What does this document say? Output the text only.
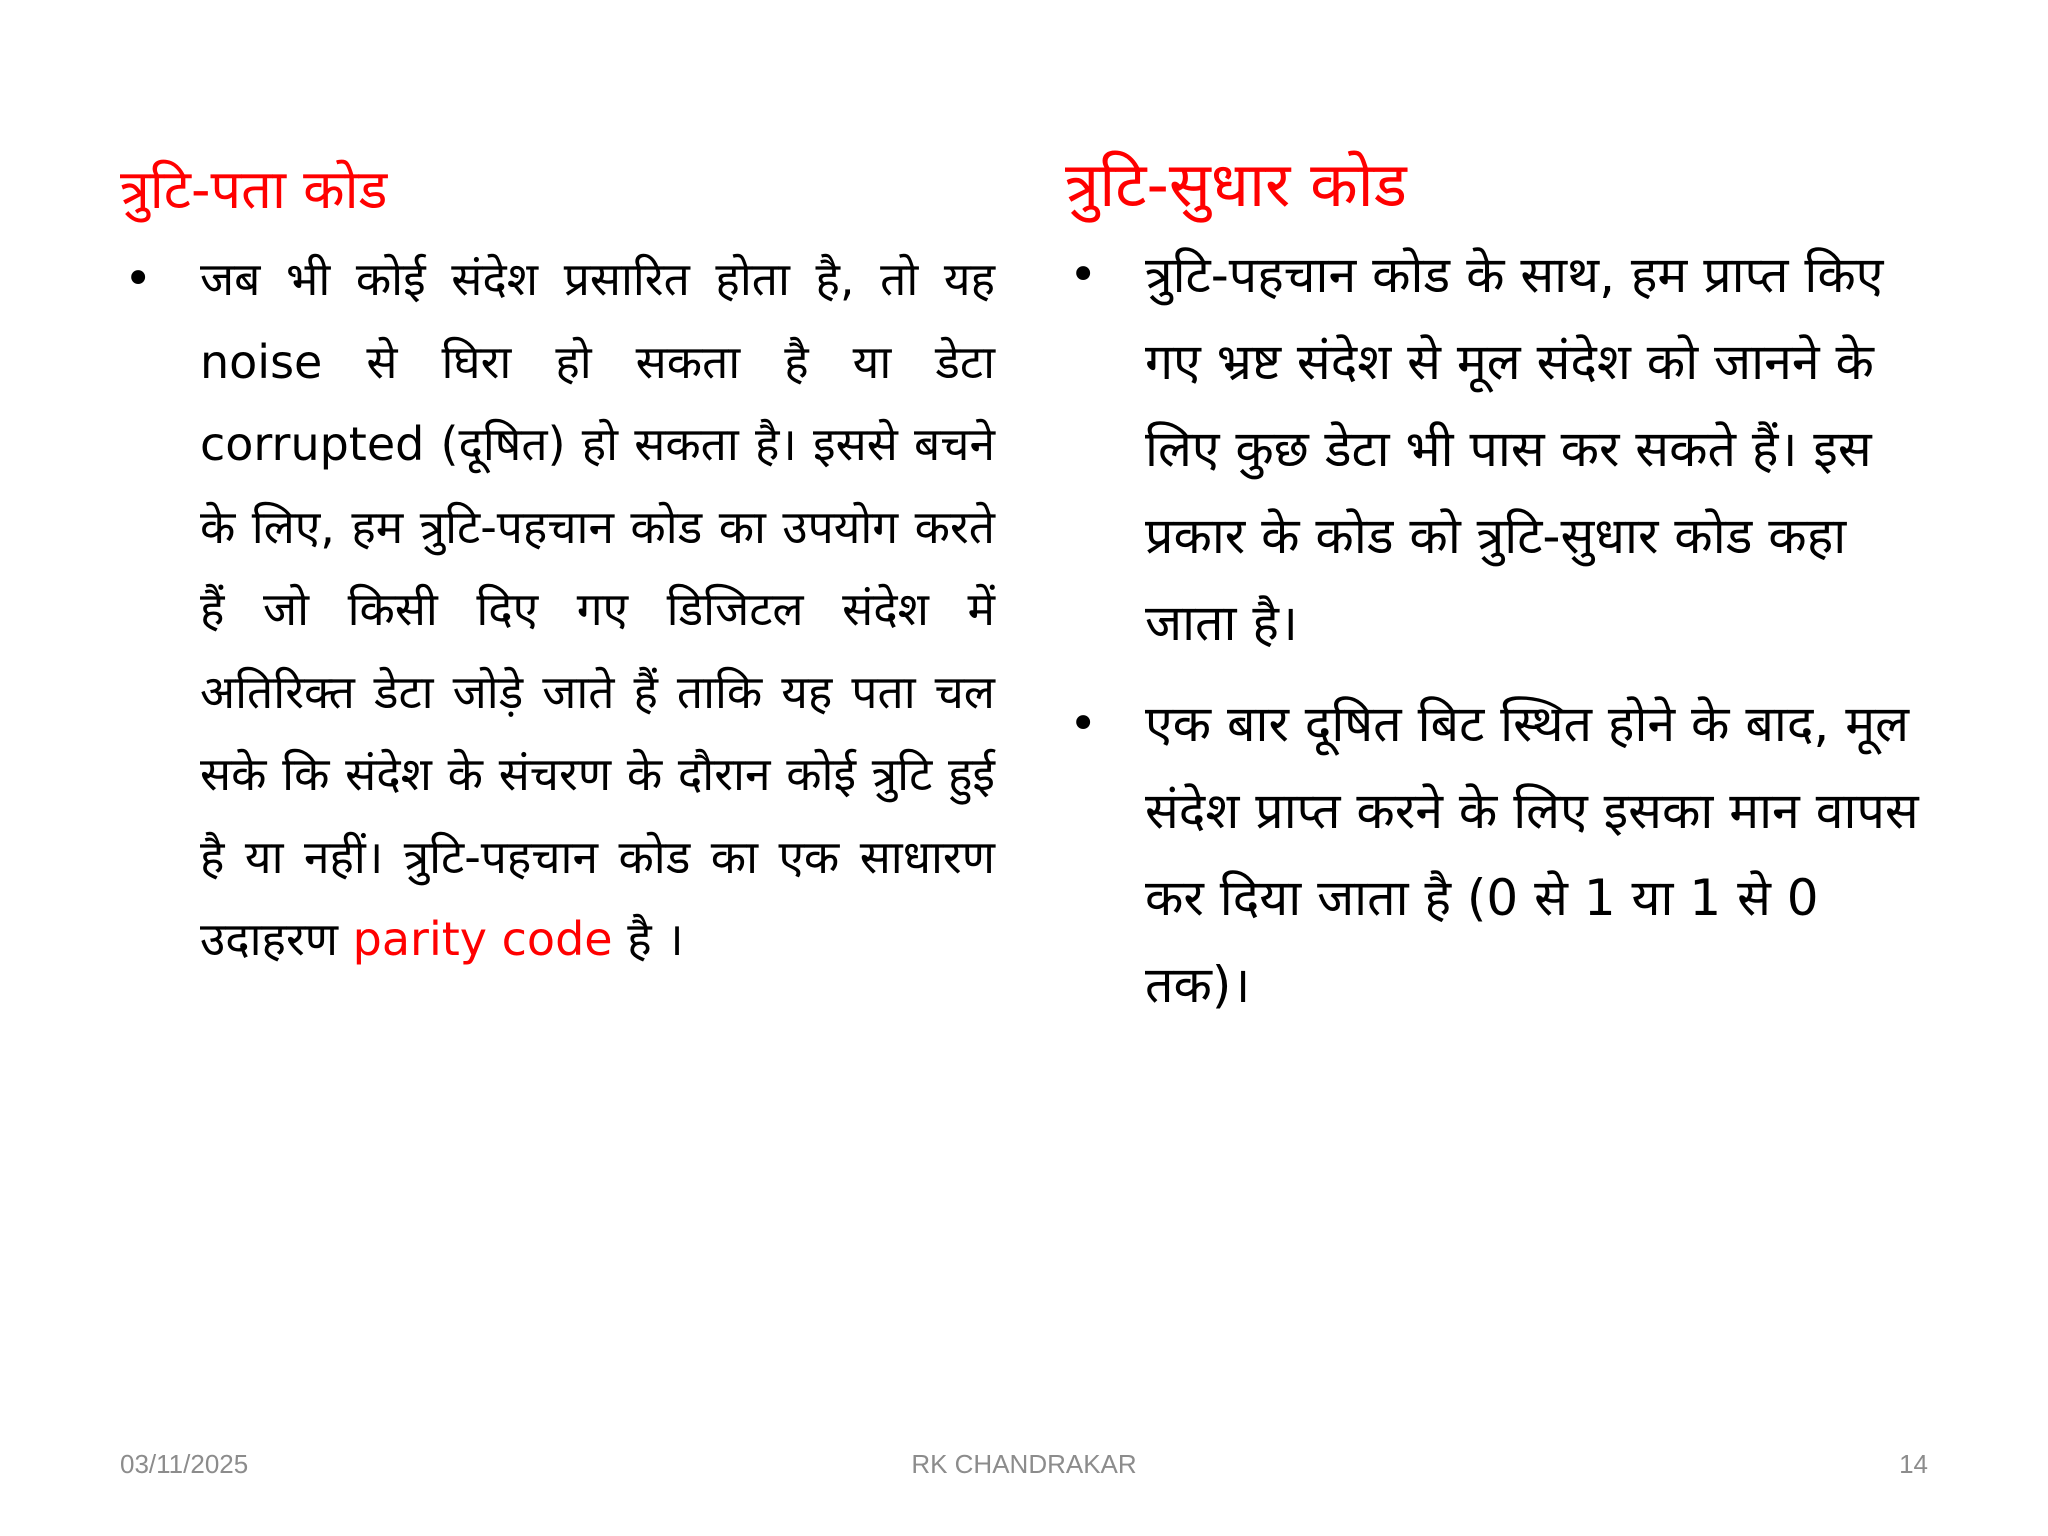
त्रुटि-पता कोड
• जब भी कोई संदेश प्रसारित होता है, तो यह noise से घिरा हो सकता है या डेटा corrupted (दूषित) हो सकता है। इससे बचने के लिए, हम त्रुटि-पहचान कोड का उपयोग करते हैं जो किसी दिए गए डिजिटल संदेश में अतिरिक्त डेटा जोड़े जाते हैं ताकि यह पता चल सके कि संदेश के संचरण के दौरान कोई त्रुटि हुई है या नहीं। त्रुटि-पहचान कोड का एक साधारण उदाहरण parity code है ।
त्रुटि-सुधार कोड
• त्रुटि-पहचान कोड के साथ, हम प्राप्त किए गए भ्रष्ट संदेश से मूल संदेश को जानने के लिए कुछ डेटा भी पास कर सकते हैं। इस प्रकार के कोड को त्रुटि-सुधार कोड कहा जाता है।
• एक बार दूषित बिट स्थित होने के बाद, मूल संदेश प्राप्त करने के लिए इसका मान वापस कर दिया जाता है (0 से 1 या 1 से 0 तक)।
RK CHANDRAKAR
03/11/2025	14
